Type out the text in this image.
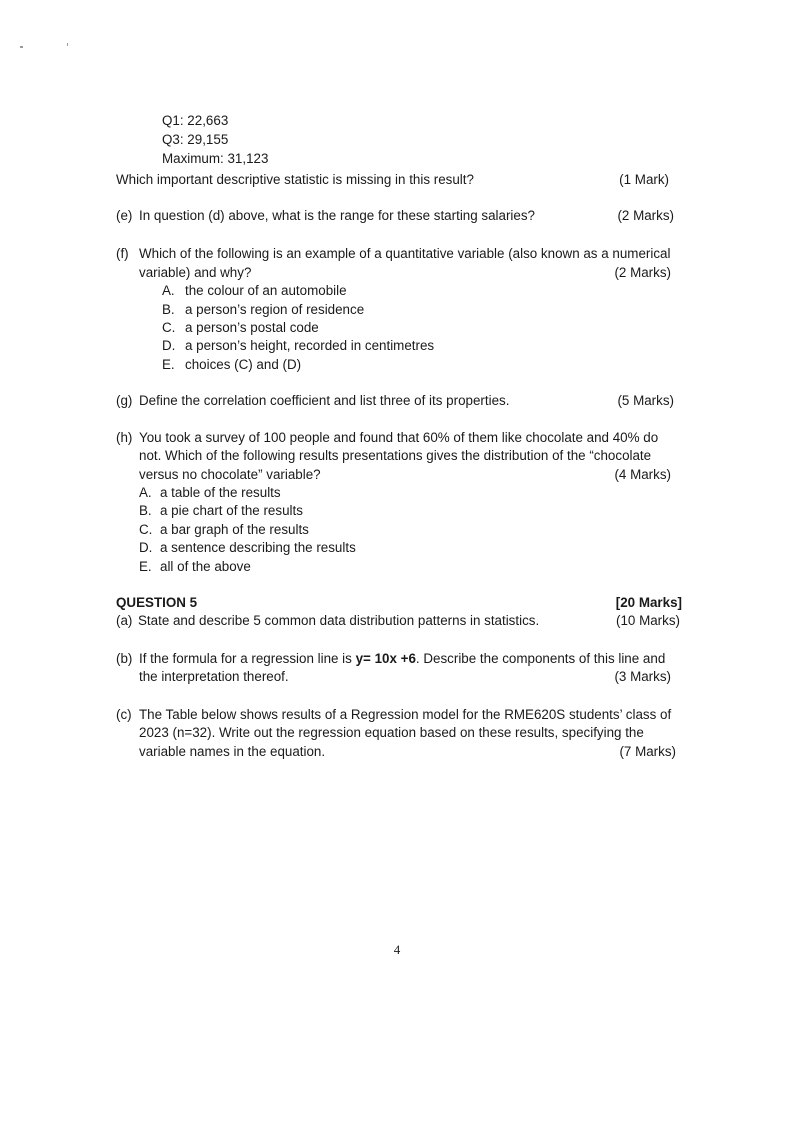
Q1: 22,663
Q3: 29,155
Maximum: 31,123
Which important descriptive statistic is missing in this result?	(1 Mark)
(e) In question (d) above, what is the range for these starting salaries?	(2 Marks)
(f) Which of the following is an example of a quantitative variable (also known as a numerical
variable) and why?	(2 Marks)
A. the colour of an automobile
B. a person’s region of residence
C. a person’s postal code
D. a person’s height, recorded in centimetres
E. choices (C) and (D)
(g) Define the correlation coefficient and list three of its properties.	(5 Marks)
(h) You took a survey of 100 people and found that 60% of them like chocolate and 40% do
not. Which of the following results presentations gives the distribution of the “chocolate
versus no chocolate” variable?	(4 Marks)
A. a table of the results
B. a pie chart of the results
C. a bar graph of the results
D. a sentence describing the results
E. all of the above
QUESTION 5	[20 Marks]
(a) State and describe 5 common data distribution patterns in statistics.	(10 Marks)
(b) If the formula for a regression line is y= 10x +6. Describe the components of this line and
the interpretation thereof.	(3 Marks)
(c) The Table below shows results of a Regression model for the RME620S students’ class of
2023 (n=32). Write out the regression equation based on these results, specifying the
variable names in the equation.	(7 Marks)
4
